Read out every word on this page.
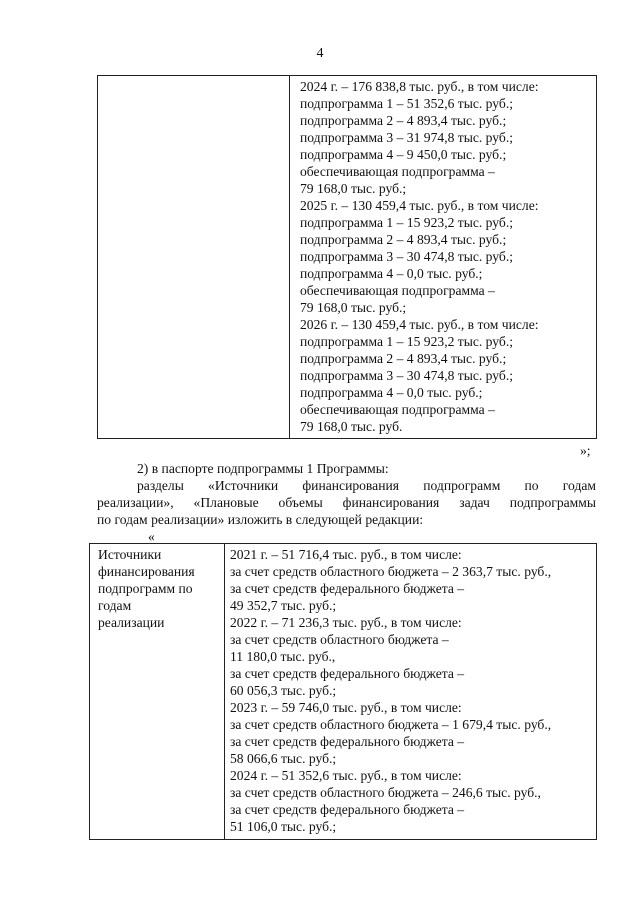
4
2024 г. – 176 838,8 тыс. руб., в том числе:
подпрограмма 1 – 51 352,6 тыс. руб.;
подпрограмма 2 – 4 893,4 тыс. руб.;
подпрограмма 3 – 31 974,8 тыс. руб.;
подпрограмма 4 – 9 450,0 тыс. руб.;
обеспечивающая подпрограмма –
79 168,0 тыс. руб.;
2025 г. – 130 459,4 тыс. руб., в том числе:
подпрограмма 1 – 15 923,2 тыс. руб.;
подпрограмма 2 – 4 893,4 тыс. руб.;
подпрограмма 3 – 30 474,8 тыс. руб.;
подпрограмма 4 – 0,0 тыс. руб.;
обеспечивающая подпрограмма –
79 168,0 тыс. руб.;
2026 г. – 130 459,4 тыс. руб., в том числе:
подпрограмма 1 – 15 923,2 тыс. руб.;
подпрограмма 2 – 4 893,4 тыс. руб.;
подпрограмма 3 – 30 474,8 тыс. руб.;
подпрограмма 4 – 0,0 тыс. руб.;
обеспечивающая подпрограмма –
79 168,0 тыс. руб.
»;
2) в паспорте подпрограммы 1 Программы:
разделы «Источники финансирования подпрограмм по годам
реализации», «Плановые объемы финансирования задач подпрограммы
по годам реализации» изложить в следующей редакции:
«
Источники
финансирования
подпрограмм по
годам
реализации
2021 г. – 51 716,4 тыс. руб., в том числе:
за счет средств областного бюджета – 2 363,7 тыс. руб.,
за счет средств федерального бюджета –
49 352,7 тыс. руб.;
2022 г. – 71 236,3 тыс. руб., в том числе:
за счет средств областного бюджета –
11 180,0 тыс. руб.,
за счет средств федерального бюджета –
60 056,3 тыс. руб.;
2023 г. – 59 746,0 тыс. руб., в том числе:
за счет средств областного бюджета – 1 679,4 тыс. руб.,
за счет средств федерального бюджета –
58 066,6 тыс. руб.;
2024 г. – 51 352,6 тыс. руб., в том числе:
за счет средств областного бюджета – 246,6 тыс. руб.,
за счет средств федерального бюджета –
51 106,0 тыс. руб.;
